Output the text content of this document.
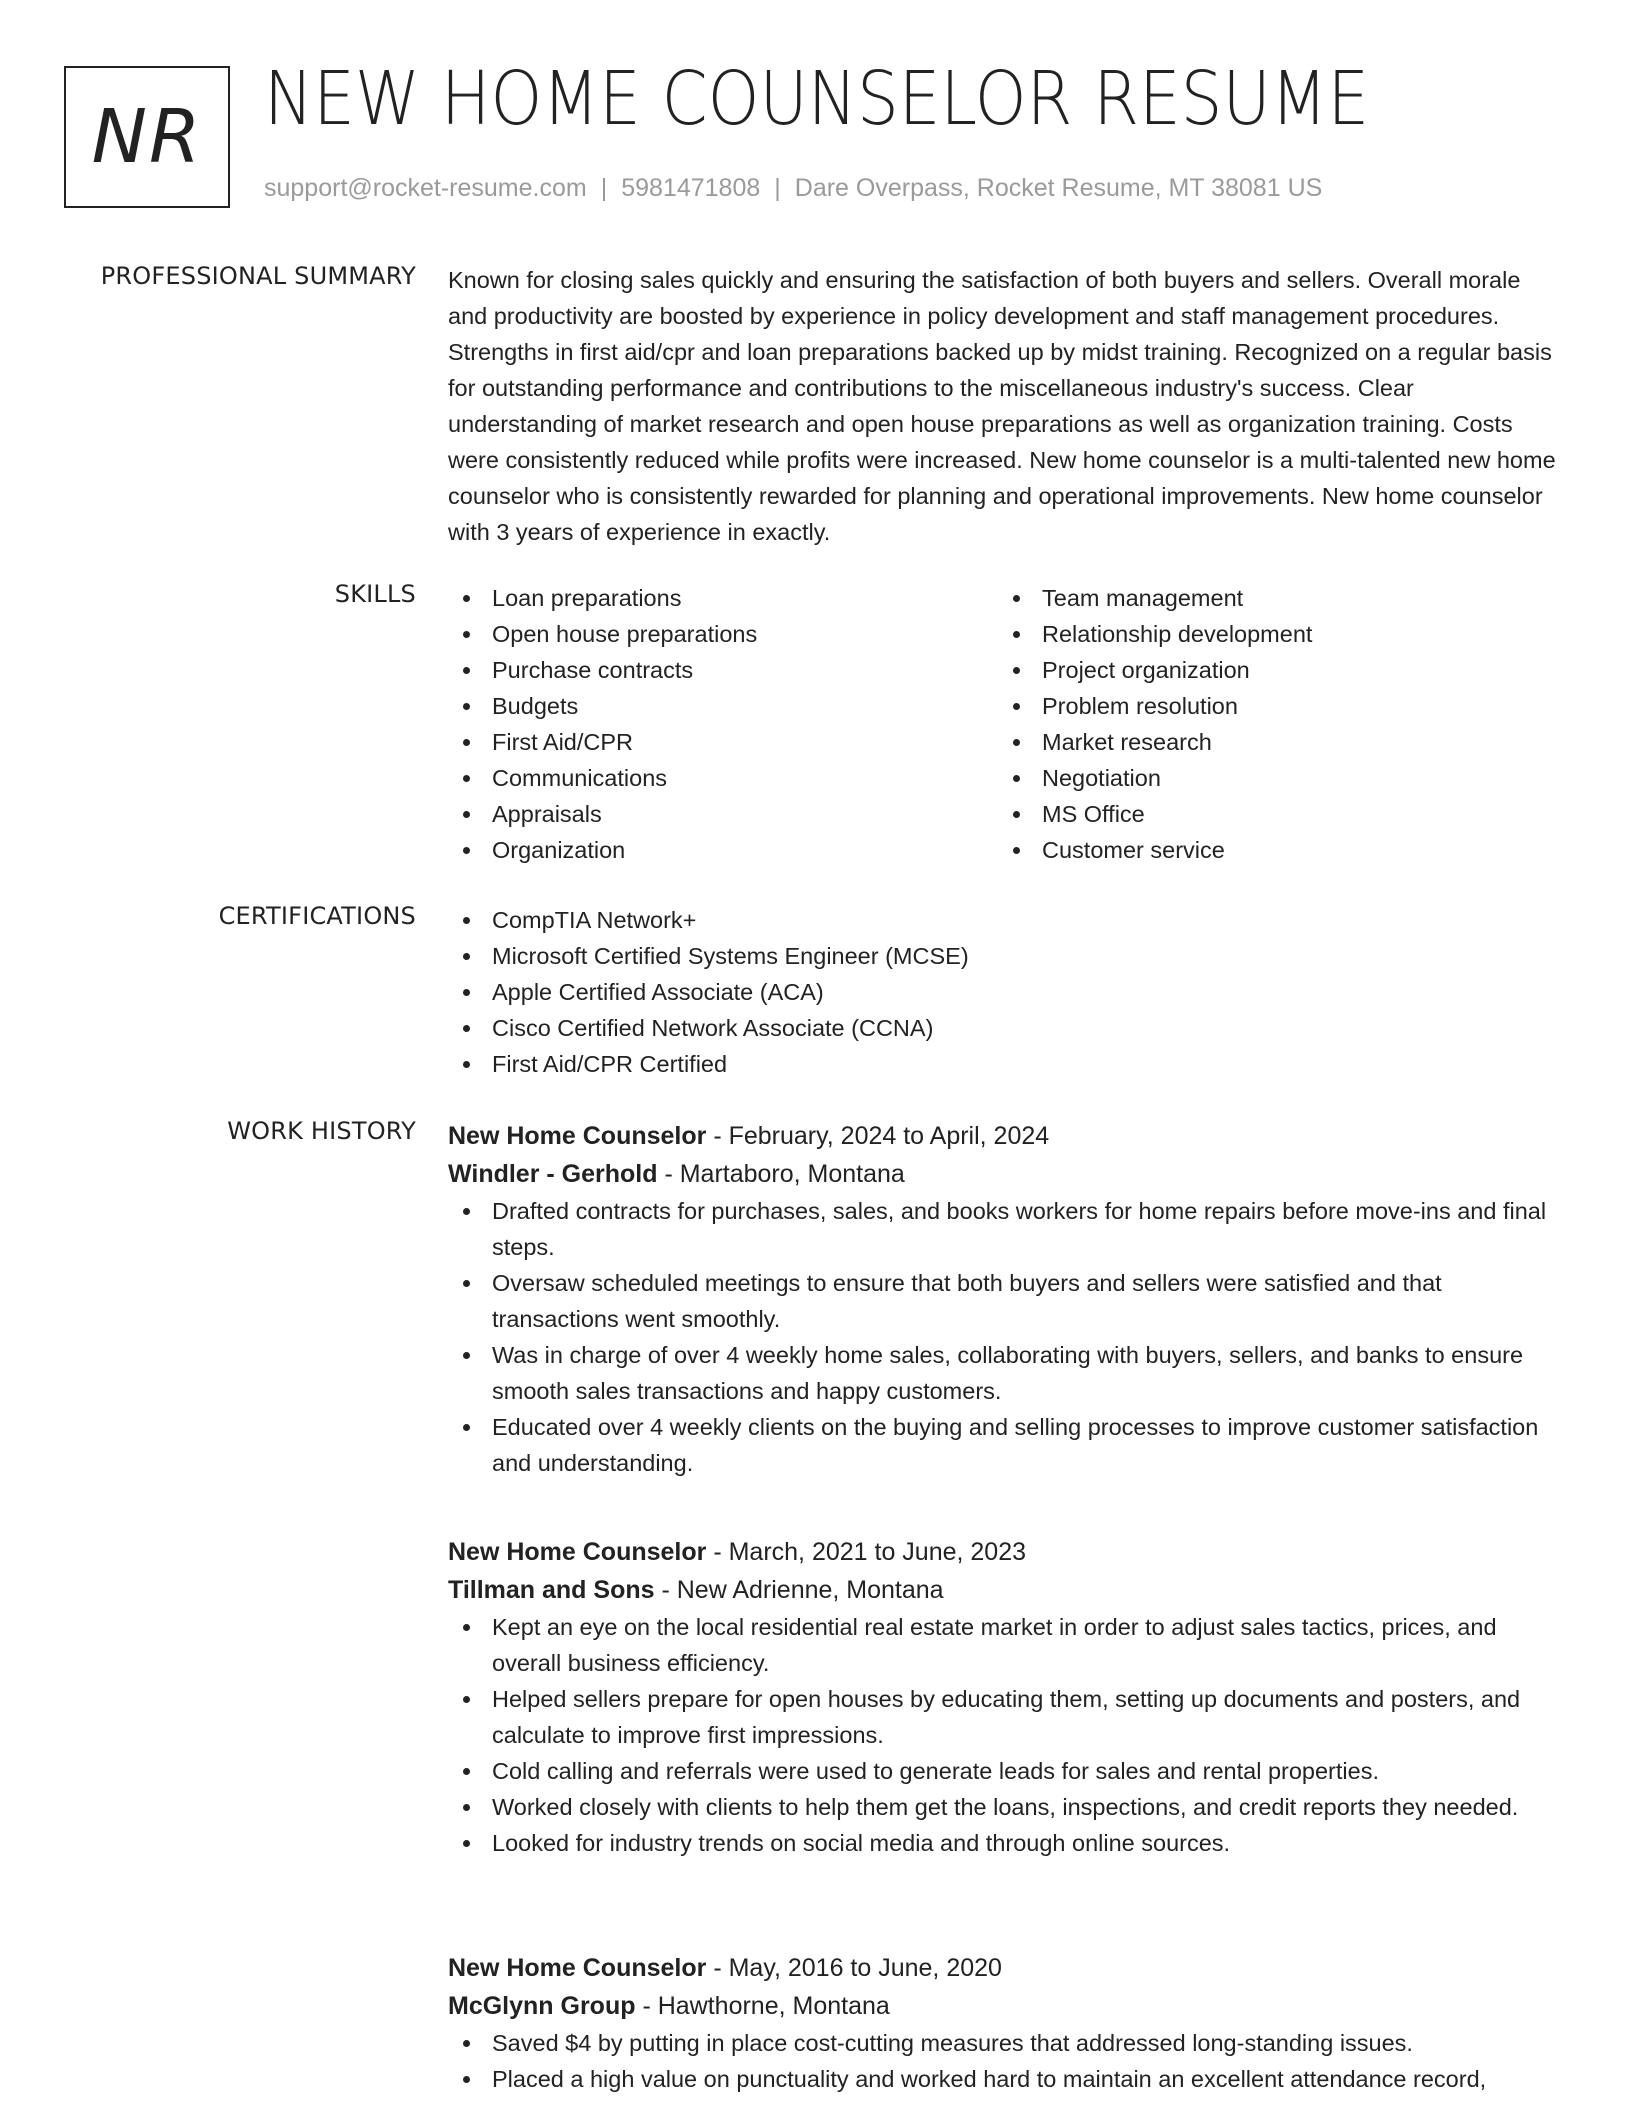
NR NEW HOME COUNSELOR RESUME
support@rocket-resume.com | 5981471808 | Dare Overpass, Rocket Resume, MT 38081 US
PROFESSIONAL SUMMARY Known for closing sales quickly and ensuring the satisfaction of both buyers and sellers. Overall morale and productivity are boosted by experience in policy development and staff management procedures. Strengths in first aid/cpr and loan preparations backed up by midst training. Recognized on a regular basis for outstanding performance and contributions to the miscellaneous industry's success. Clear understanding of market research and open house preparations as well as organization training. Costs were consistently reduced while profits were increased. New home counselor is a multi-talented new home counselor who is consistently rewarded for planning and operational improvements. New home counselor with 3 years of experience in exactly.
SKILLS	Loan preparations
Open house preparations
Purchase contracts
Budgets
First Aid/CPR
Communications
Appraisals
Organization
Team management
Relationship development
Project organization
Problem resolution
Market research
Negotiation
MS Office
Customer service
CERTIFICATIONS	CompTIA Network+
Microsoft Certified Systems Engineer (MCSE)
Apple Certified Associate (ACA)
Cisco Certified Network Associate (CCNA)
First Aid/CPR Certified
WORK HISTORY New Home Counselor - February, 2024 to April, 2024
Windler - Gerhold - Martaboro, Montana
Drafted contracts for purchases, sales, and books workers for home repairs before move-ins and final steps.
Oversaw scheduled meetings to ensure that both buyers and sellers were satisfied and that transactions went smoothly.
Was in charge of over 4 weekly home sales, collaborating with buyers, sellers, and banks to ensure smooth sales transactions and happy customers.
Educated over 4 weekly clients on the buying and selling processes to improve customer satisfaction and understanding.
New Home Counselor - March, 2021 to June, 2023
Tillman and Sons - New Adrienne, Montana
Kept an eye on the local residential real estate market in order to adjust sales tactics, prices, and overall business efficiency.
Helped sellers prepare for open houses by educating them, setting up documents and posters, and calculate to improve first impressions.
Cold calling and referrals were used to generate leads for sales and rental properties.
Worked closely with clients to help them get the loans, inspections, and credit reports they needed.
Looked for industry trends on social media and through online sources.
New Home Counselor - May, 2016 to June, 2020
McGlynn Group - Hawthorne, Montana
Saved $4 by putting in place cost-cutting measures that addressed long-standing issues.
Placed a high value on punctuality and worked hard to maintain an excellent attendance record,
